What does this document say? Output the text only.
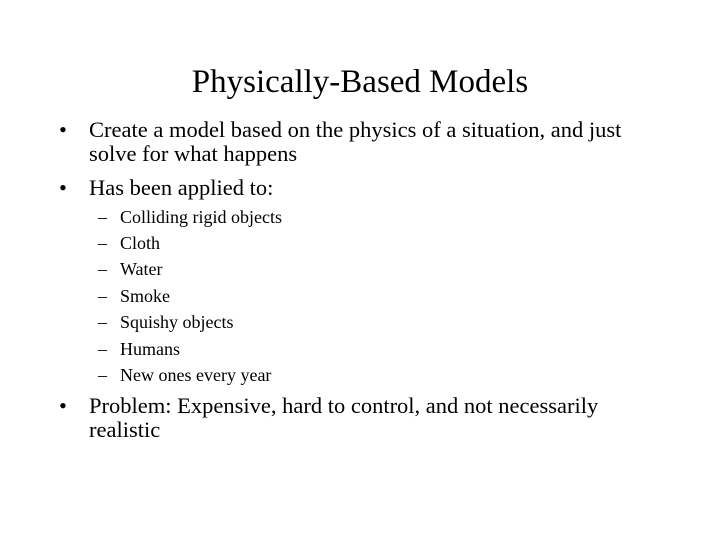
Physically-Based Models
• Create a model based on the physics of a situation, and just solve for what happens
• Has been applied to:
– Colliding rigid objects
– Cloth
– Water
– Smoke
– Squishy objects
– Humans
– New ones every year
• Problem: Expensive, hard to control, and not necessarily realistic
